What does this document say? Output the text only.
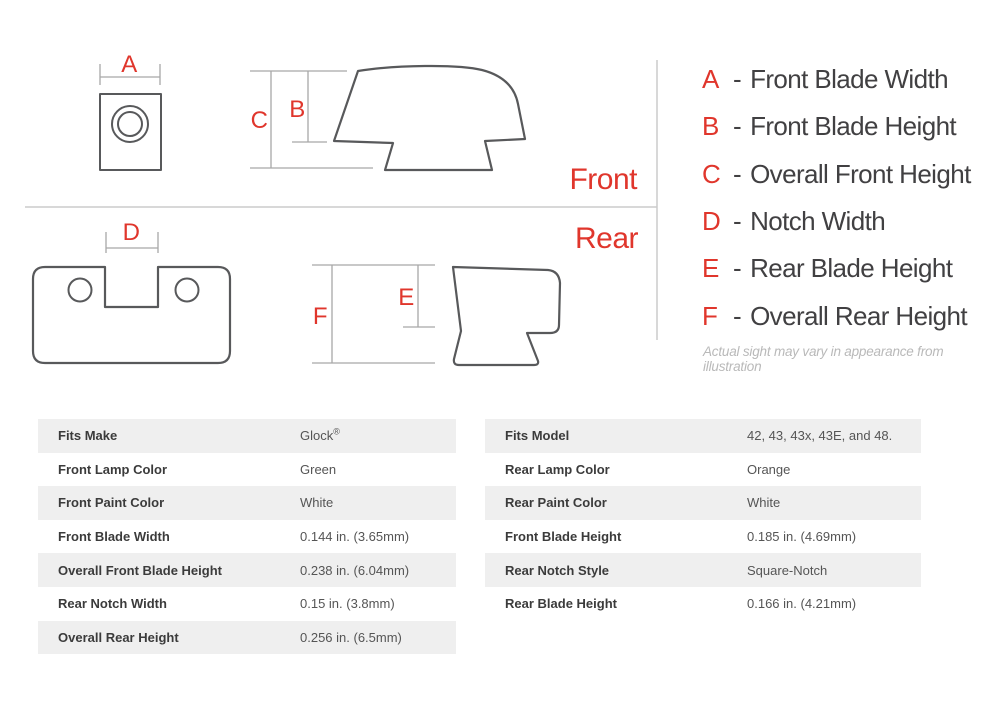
A
C B
D
F
E
Front
Rear
A - Front Blade Width
B - Front Blade Height
C - Overall Front Height
D - Notch Width
E - Rear Blade Height
F - Overall Rear Height
Actual sight may vary in appearance from illustration
Fits Make	Glock®
Front Lamp Color	Green
Front Paint Color	White
Front Blade Width	0.144 in. (3.65mm)
Overall Front Blade Height	0.238 in. (6.04mm)
Rear Notch Width	0.15 in. (3.8mm)
Overall Rear Height	0.256 in. (6.5mm)
Fits Model	42, 43, 43x, 43E, and 48.
Rear Lamp Color	Orange
Rear Paint Color	White
Front Blade Height	0.185 in. (4.69mm)
Rear Notch Style	Square-Notch
Rear Blade Height	0.166 in. (4.21mm)
